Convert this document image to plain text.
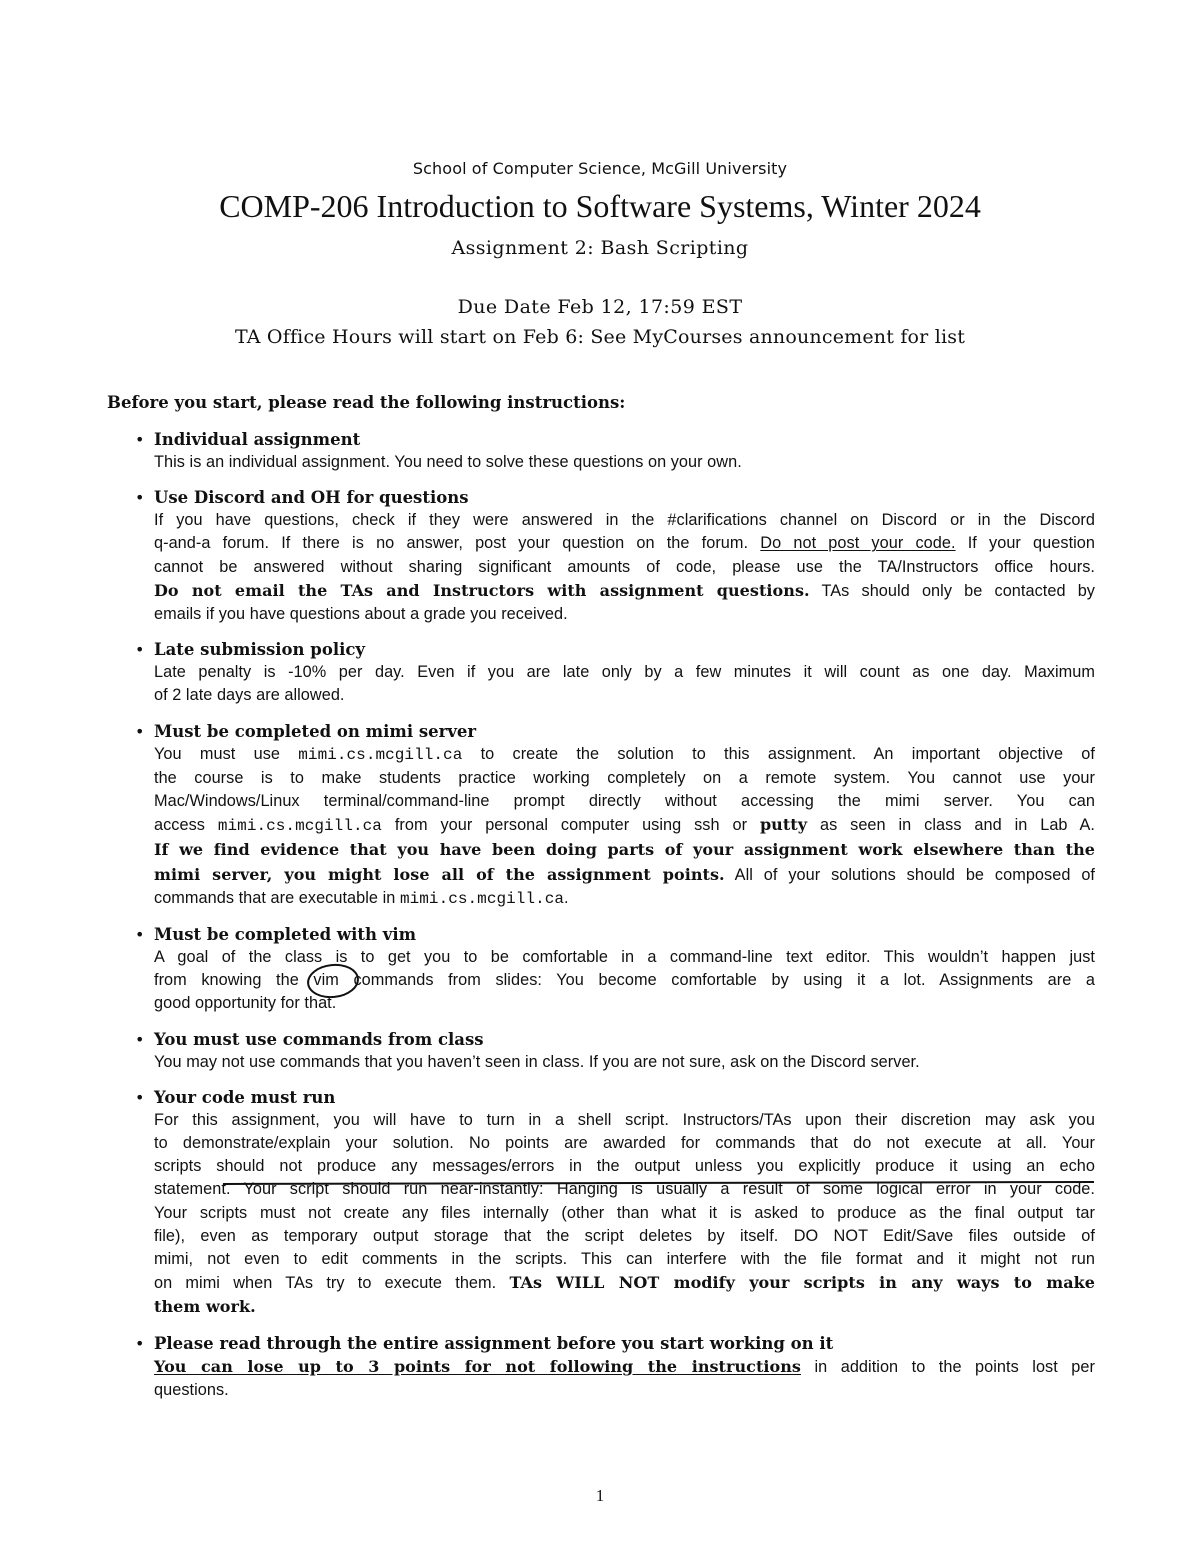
School of Computer Science, McGill University
COMP-206 Introduction to Software Systems, Winter 2024
Assignment 2: Bash Scripting
Due Date Feb 12, 17:59 EST
TA Office Hours will start on Feb 6: See MyCourses announcement for list
Before you start, please read the following instructions:
• Individual assignment
This is an individual assignment. You need to solve these questions on your own.
• Use Discord and OH for questions
If you have questions, check if they were answered in the #clarifications channel on Discord or in the Discord
q-and-a forum. If there is no answer, post your question on the forum. Do not post your code. If your question
cannot be answered without sharing significant amounts of code, please use the TA/Instructors office hours.
Do not email the TAs and Instructors with assignment questions. TAs should only be contacted by
emails if you have questions about a grade you received.
• Late submission policy
Late penalty is -10% per day. Even if you are late only by a few minutes it will count as one day. Maximum
of 2 late days are allowed.
• Must be completed on mimi server
You must use mimi.cs.mcgill.ca to create the solution to this assignment. An important objective of
the course is to make students practice working completely on a remote system. You cannot use your
Mac/Windows/Linux terminal/command-line prompt directly without accessing the mimi server. You can
access mimi.cs.mcgill.ca from your personal computer using ssh or putty as seen in class and in Lab A.
If we find evidence that you have been doing parts of your assignment work elsewhere than the
mimi server, you might lose all of the assignment points. All of your solutions should be composed of
commands that are executable in mimi.cs.mcgill.ca.
• Must be completed with vim
A goal of the class is to get you to be comfortable in a command-line text editor. This wouldn’t happen just
from knowing the vim commands from slides: You become comfortable by using it a lot. Assignments are a
good opportunity for that.
• You must use commands from class
You may not use commands that you haven’t seen in class. If you are not sure, ask on the Discord server.
• Your code must run
For this assignment, you will have to turn in a shell script. Instructors/TAs upon their discretion may ask you
to demonstrate/explain your solution. No points are awarded for commands that do not execute at all. Your
scripts should not produce any messages/errors in the output unless you explicitly produce it using an echo
statement. Your script should run near-instantly: Hanging is usually a result of some logical error in your code.
Your scripts must not create any files internally (other than what it is asked to produce as the final output tar
file), even as temporary output storage that the script deletes by itself. DO NOT Edit/Save files outside of
mimi, not even to edit comments in the scripts. This can interfere with the file format and it might not run
on mimi when TAs try to execute them. TAs WILL NOT modify your scripts in any ways to make
them work.
• Please read through the entire assignment before you start working on it
You can lose up to 3 points for not following the instructions in addition to the points lost per
questions.
1
